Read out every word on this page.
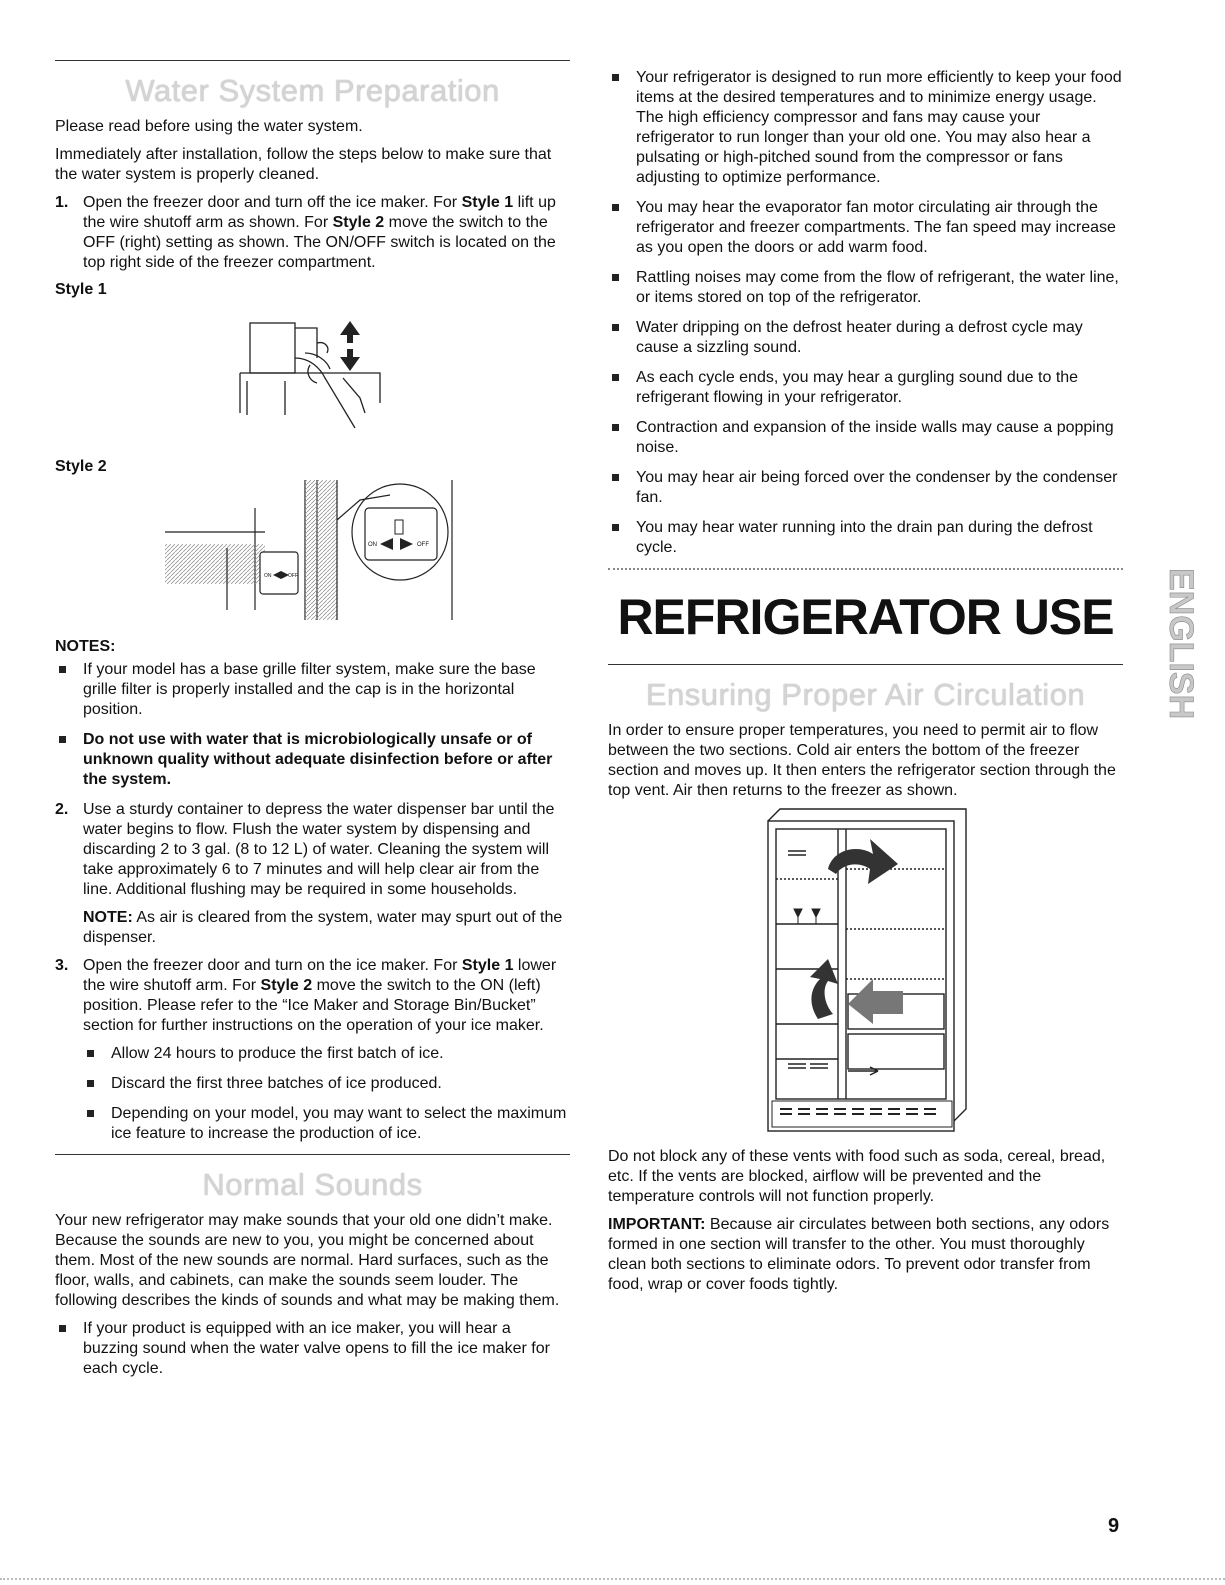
Water System Preparation

Please read before using the water system.

Immediately after installation, follow the steps below to make sure that the water system is properly cleaned.

1. Open the freezer door and turn off the ice maker. For Style 1 lift up the wire shutoff arm as shown. For Style 2 move the switch to the OFF (right) setting as shown. The ON/OFF switch is located on the top right side of the freezer compartment.
Style 1
Style 2
ON	OFF
ON	OFF
NOTES:
If your model has a base grille filter system, make sure the base grille filter is properly installed and the cap is in the horizontal position.
Do not use with water that is microbiologically unsafe or of unknown quality without adequate disinfection before or after the system.
2. Use a sturdy container to depress the water dispenser bar until the water begins to flow. Flush the water system by dispensing and discarding 2 to 3 gal. (8 to 12 L) of water. Cleaning the system will take approximately 6 to 7 minutes and will help clear air from the line. Additional flushing may be required in some households.
NOTE: As air is cleared from the system, water may spurt out of the dispenser.
3. Open the freezer door and turn on the ice maker. For Style 1 lower the wire shutoff arm. For Style 2 move the switch to the ON (left) position. Please refer to the “Ice Maker and Storage Bin/Bucket” section for further instructions on the operation of your ice maker.
Allow 24 hours to produce the first batch of ice.
Discard the first three batches of ice produced.
Depending on your model, you may want to select the maximum ice feature to increase the production of ice.
Normal Sounds

Your new refrigerator may make sounds that your old one didn’t make. Because the sounds are new to you, you might be concerned about them. Most of the new sounds are normal. Hard surfaces, such as the floor, walls, and cabinets, can make the sounds seem louder. The following describes the kinds of sounds and what may be making them.

If your product is equipped with an ice maker, you will hear a buzzing sound when the water valve opens to fill the ice maker for each cycle.
Your refrigerator is designed to run more efficiently to keep your food items at the desired temperatures and to minimize energy usage. The high efficiency compressor and fans may cause your refrigerator to run longer than your old one. You may also hear a pulsating or high-pitched sound from the compressor or fans adjusting to optimize performance.
You may hear the evaporator fan motor circulating air through the refrigerator and freezer compartments. The fan speed may increase as you open the doors or add warm food.
Rattling noises may come from the flow of refrigerant, the water line, or items stored on top of the refrigerator.
Water dripping on the defrost heater during a defrost cycle may cause a sizzling sound.
As each cycle ends, you may hear a gurgling sound due to the refrigerant flowing in your refrigerator.
Contraction and expansion of the inside walls may cause a popping noise.
You may hear air being forced over the condenser by the condenser fan.
You may hear water running into the drain pan during the defrost cycle.
REFRIGERATOR USE
Ensuring Proper Air Circulation

In order to ensure proper temperatures, you need to permit air to flow between the two sections. Cold air enters the bottom of the freezer section and moves up. It then enters the refrigerator section through the top vent. Air then returns to the freezer as shown.

Do not block any of these vents with food such as soda, cereal, bread, etc. If the vents are blocked, airflow will be prevented and the temperature controls will not function properly.

IMPORTANT: Because air circulates between both sections, any odors formed in one section will transfer to the other. You must thoroughly clean both sections to eliminate odors. To prevent odor transfer from food, wrap or cover foods tightly.

ENGLISH
9
